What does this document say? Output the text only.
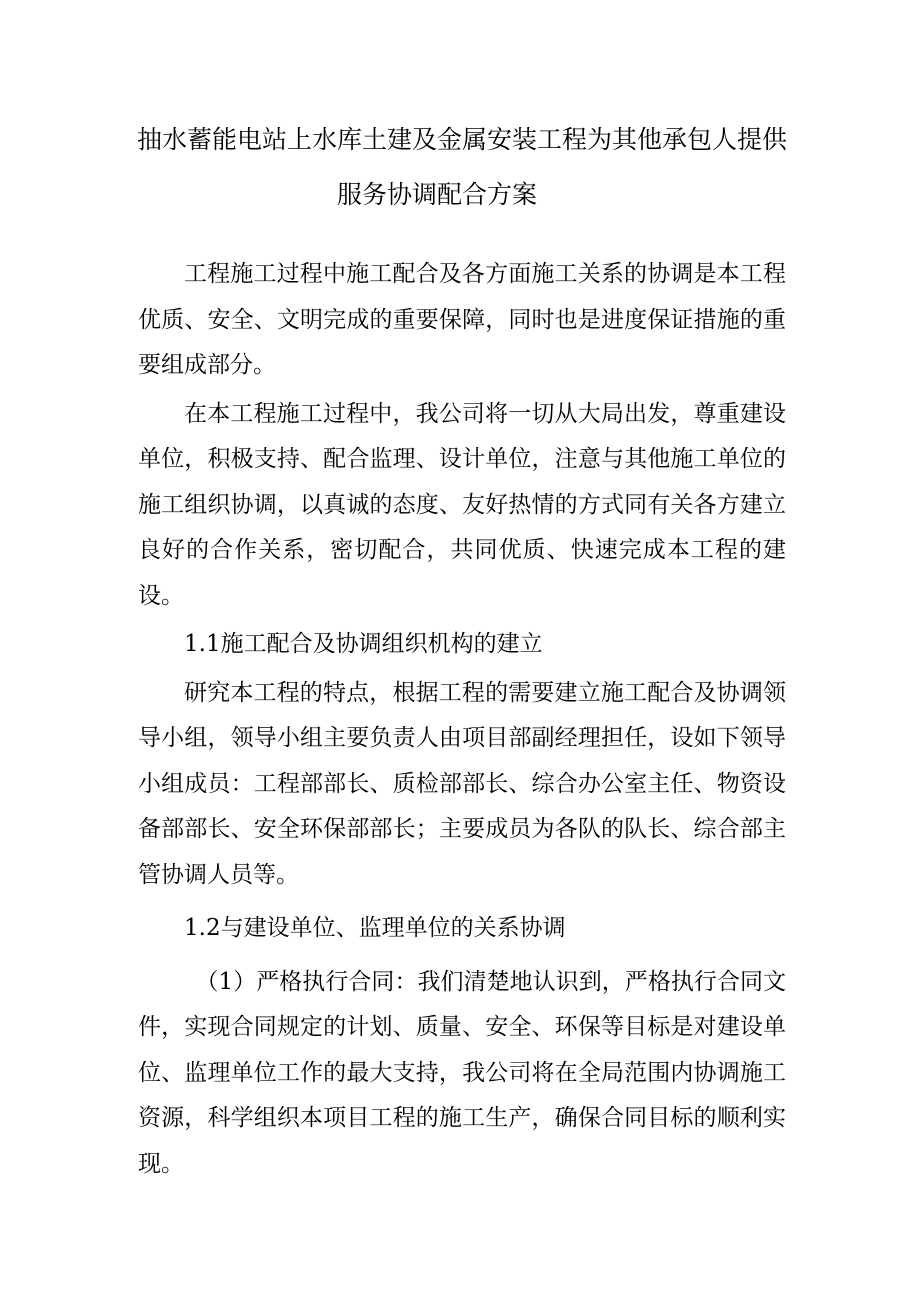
抽水蓄能电站上水库土建及金属安装工程为其他承包人提供
服务协调配合方案

工程施工过程中施工配合及各方面施工关系的协调是本工程优质、安全、文明完成的重要保障，同时也是进度保证措施的重要组成部分。

在本工程施工过程中，我公司将一切从大局出发，尊重建设单位，积极支持、配合监理、设计单位，注意与其他施工单位的施工组织协调，以真诚的态度、友好热情的方式同有关各方建立良好的合作关系，密切配合，共同优质、快速完成本工程的建设。

1.1施工配合及协调组织机构的建立

研究本工程的特点，根据工程的需要建立施工配合及协调领导小组，领导小组主要负责人由项目部副经理担任，设如下领导小组成员：工程部部长、质检部部长、综合办公室主任、物资设备部部长、安全环保部部长；主要成员为各队的队长、综合部主管协调人员等。

1.2与建设单位、监理单位的关系协调

（1）严格执行合同：我们清楚地认识到，严格执行合同文件，实现合同规定的计划、质量、安全、环保等目标是对建设单位、监理单位工作的最大支持，我公司将在全局范围内协调施工资源，科学组织本项目工程的施工生产，确保合同目标的顺利实现。
